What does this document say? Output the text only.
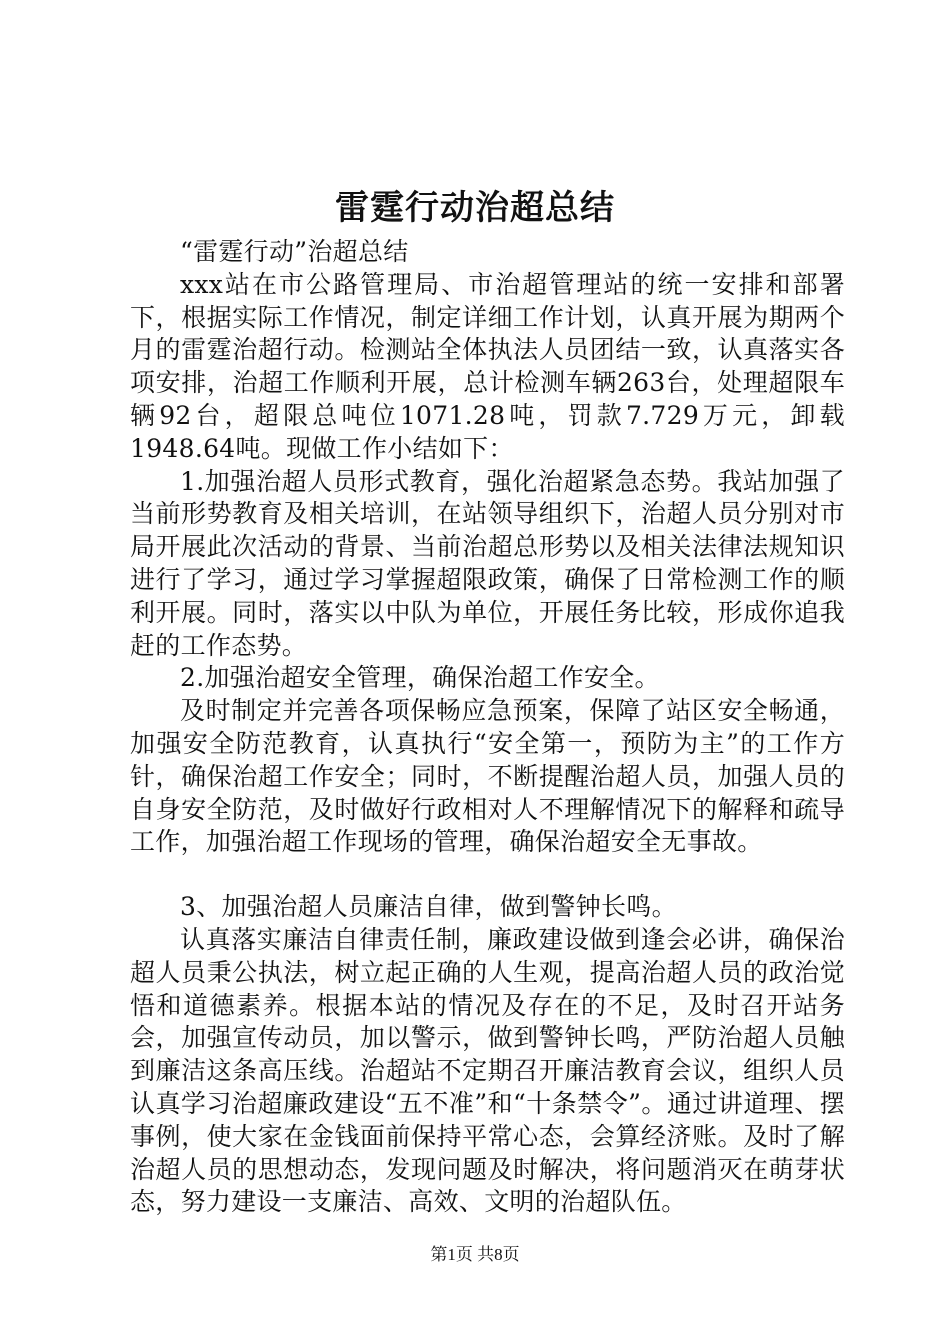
雷霆行动治超总结

“雷霆行动”治超总结

xxx站在市公路管理局、市治超管理站的统一安排和部署下，根据实际工作情况，制定详细工作计划，认真开展为期两个月的雷霆治超行动。检测站全体执法人员团结一致，认真落实各项安排，治超工作顺利开展，总计检测车辆263台，处理超限车辆92台，超限总吨位1071.28吨，罚款7.729万元，卸载1948.64吨。现做工作小结如下：

1.加强治超人员形式教育，强化治超紧急态势。我站加强了当前形势教育及相关培训，在站领导组织下，治超人员分别对市局开展此次活动的背景、当前治超总形势以及相关法律法规知识进行了学习，通过学习掌握超限政策，确保了日常检测工作的顺利开展。同时，落实以中队为单位，开展任务比较，形成你追我赶的工作态势。

2.加强治超安全管理，确保治超工作安全。

及时制定并完善各项保畅应急预案，保障了站区安全畅通，加强安全防范教育，认真执行“安全第一，预防为主”的工作方针，确保治超工作安全；同时，不断提醒治超人员，加强人员的自身安全防范，及时做好行政相对人不理解情况下的解释和疏导工作，加强治超工作现场的管理，确保治超安全无事故。

3、加强治超人员廉洁自律，做到警钟长鸣。

认真落实廉洁自律责任制，廉政建设做到逢会必讲，确保治超人员秉公执法，树立起正确的人生观，提高治超人员的政治觉悟和道德素养。根据本站的情况及存在的不足，及时召开站务会，加强宣传动员，加以警示，做到警钟长鸣，严防治超人员触到廉洁这条高压线。治超站不定期召开廉洁教育会议，组织人员认真学习治超廉政建设“五不准”和“十条禁令”。通过讲道理、摆事例，使大家在金钱面前保持平常心态，会算经济账。及时了解治超人员的思想动态，发现问题及时解决，将问题消灭在萌芽状态，努力建设一支廉洁、高效、文明的治超队伍。

第1页 共8页
